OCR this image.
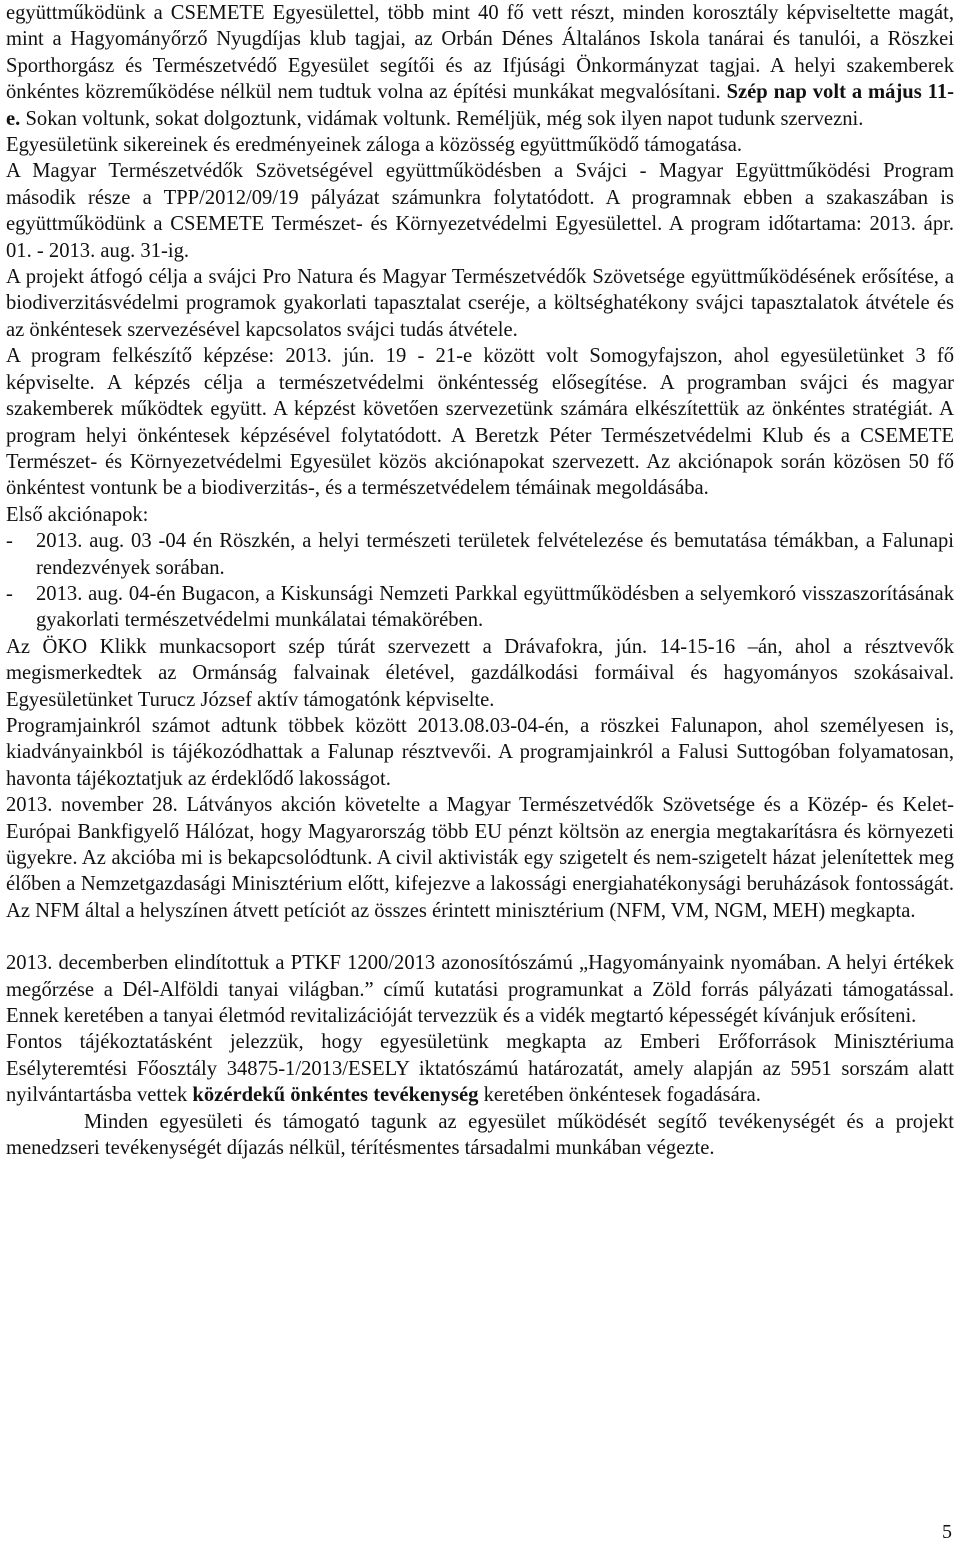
együttműködünk a CSEMETE Egyesülettel, több mint 40 fő vett részt, minden korosztály képviseltette magát, mint a Hagyományőrző Nyugdíjas klub tagjai, az Orbán Dénes Általános Iskola tanárai és tanulói, a Röszkei Sporthorgász és Természetvédő Egyesület segítői és az Ifjúsági Önkormányzat tagjai. A helyi szakemberek önkéntes közreműködése nélkül nem tudtuk volna az építési munkákat megvalósítani. Szép nap volt a május 11-e. Sokan voltunk, sokat dolgoztunk, vidámak voltunk. Reméljük, még sok ilyen napot tudunk szervezni.

Egyesületünk sikereinek és eredményeinek záloga a közösség együttműködő támogatása.

A Magyar Természetvédők Szövetségével együttműködésben a Svájci - Magyar Együttműködési Program második része a TPP/2012/09/19 pályázat számunkra folytatódott. A programnak ebben a szakaszában is együttműködünk a CSEMETE Természet- és Környezetvédelmi Egyesülettel. A program időtartama: 2013. ápr. 01. - 2013. aug. 31-ig.

A projekt átfogó célja a svájci Pro Natura és Magyar Természetvédők Szövetsége együttműködésének erősítése, a biodiverzitásvédelmi programok gyakorlati tapasztalat cseréje, a költséghatékony svájci tapasztalatok átvétele és az önkéntesek szervezésével kapcsolatos svájci tudás átvétele.

A program felkészítő képzése: 2013. jún. 19 - 21-e között volt Somogyfajszon, ahol egyesületünket 3 fő képviselte. A képzés célja a természetvédelmi önkéntesség elősegítése. A programban svájci és magyar szakemberek működtek együtt. A képzést követően szervezetünk számára elkészítettük az önkéntes stratégiát. A program helyi önkéntesek képzésével folytatódott. A Beretzk Péter Természetvédelmi Klub és a CSEMETE Természet- és Környezetvédelmi Egyesület közös akciónapokat szervezett. Az akciónapok során közösen 50 fő önkéntest vontunk be a biodiverzitás-, és a természetvédelem témáinak megoldásába.

Első akciónapok:

-	2013. aug. 03 -04 én Röszkén, a helyi természeti területek felvételezése és bemutatása témákban, a Falunapi rendezvények sorában.
-	2013. aug. 04-én Bugacon, a Kiskunsági Nemzeti Parkkal együttműködésben a selyemkoró visszaszorításának gyakorlati természetvédelmi munkálatai témakörében.

Az ÖKO Klikk munkacsoport szép túrát szervezett a Drávafokra, jún. 14-15-16 –án, ahol a résztvevők megismerkedtek az Ormánság falvainak életével, gazdálkodási formáival és hagyományos szokásaival. Egyesületünket Turucz József aktív támogatónk képviselte.

Programjainkról számot adtunk többek között 2013.08.03-04-én, a röszkei Falunapon, ahol személyesen is, kiadványainkból is tájékozódhattak a Falunap résztvevői. A programjainkról a Falusi Suttogóban folyamatosan, havonta tájékoztatjuk az érdeklődő lakosságot.

2013. november 28. Látványos akción követelte a Magyar Természetvédők Szövetsége és a Közép- és Kelet-Európai Bankfigyelő Hálózat, hogy Magyarország több EU pénzt költsön az energia megtakarításra és környezeti ügyekre. Az akcióba mi is bekapcsolódtunk. A civil aktivisták egy szigetelt és nem-szigetelt házat jelenítettek meg élőben a Nemzetgazdasági Minisztérium előtt, kifejezve a lakossági energiahatékonysági beruházások fontosságát. Az NFM által a helyszínen átvett petíciót az összes érintett minisztérium (NFM, VM, NGM, MEH) megkapta.

2013. decemberben elindítottuk a PTKF 1200/2013 azonosítószámú „Hagyományaink nyomában. A helyi értékek megőrzése a Dél-Alföldi tanyai világban.” című kutatási programunkat a Zöld forrás pályázati támogatással. Ennek keretében a tanyai életmód revitalizációját tervezzük és a vidék megtartó képességét kívánjuk erősíteni.

Fontos tájékoztatásként jelezzük, hogy egyesületünk megkapta az Emberi Erőforrások Minisztériuma Esélyteremtési Főosztály 34875-1/2013/ESELY iktatószámú határozatát, amely alapján az 5951 sorszám alatt nyilvántartásba vettek közérdekű önkéntes tevékenység keretében önkéntesek fogadására.

Minden egyesületi és támogató tagunk az egyesület működését segítő tevékenységét és a projekt menedzseri tevékenységét díjazás nélkül, térítésmentes társadalmi munkában végezte.

5
